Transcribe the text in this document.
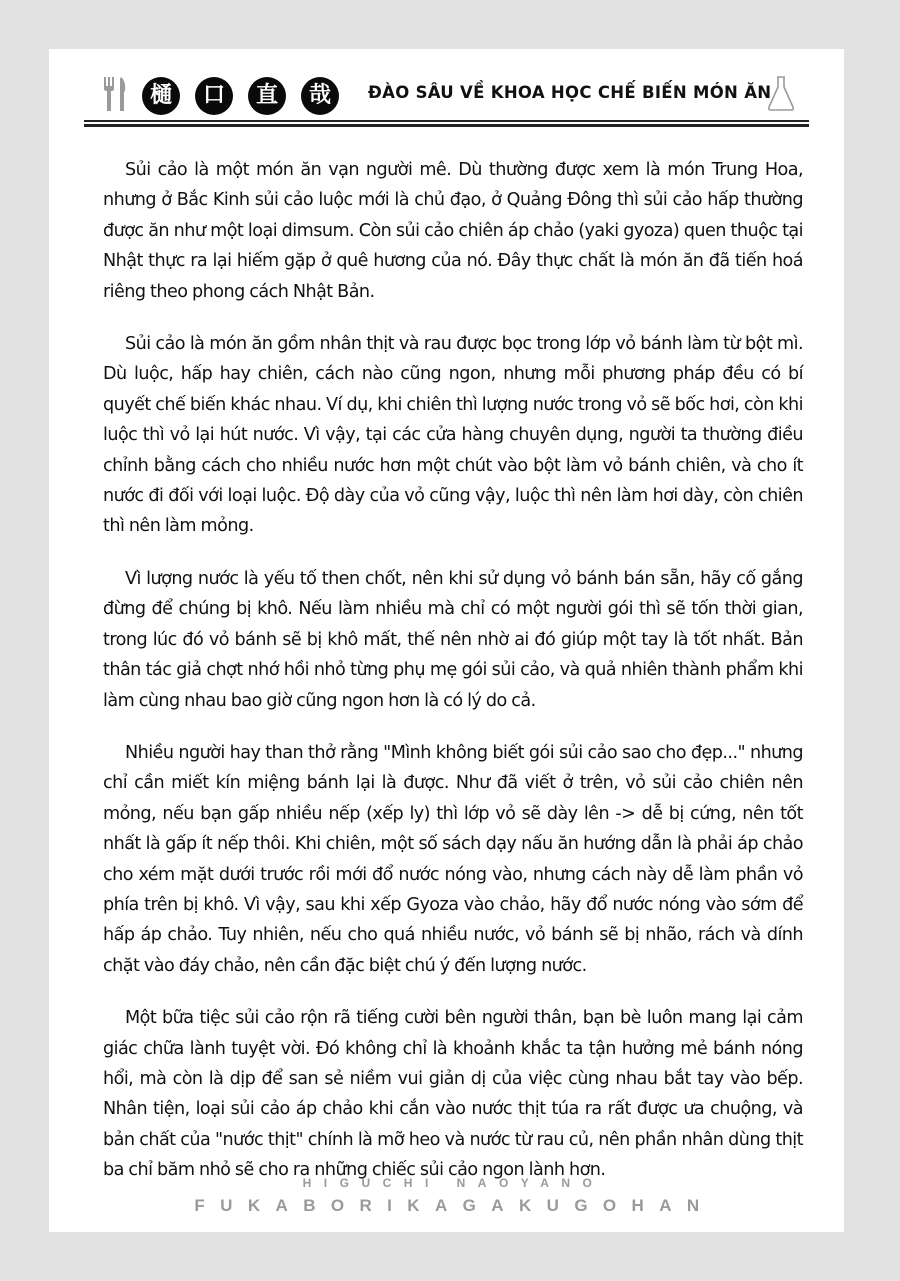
樋	口	直	哉	ĐÀO SÂU VỀ KHOA HỌC CHẾ BIẾN MÓN ĂN

Sủi cảo là một món ăn vạn người mê. Dù thường được xem là món Trung Hoa, nhưng ở Bắc Kinh sủi cảo luộc mới là chủ đạo, ở Quảng Đông thì sủi cảo hấp thường được ăn như một loại dimsum. Còn sủi cảo chiên áp chảo (yaki gyoza) quen thuộc tại Nhật thực ra lại hiếm gặp ở quê hương của nó. Đây thực chất là món ăn đã tiến hoá riêng theo phong cách Nhật Bản.

Sủi cảo là món ăn gồm nhân thịt và rau được bọc trong lớp vỏ bánh làm từ bột mì. Dù luộc, hấp hay chiên, cách nào cũng ngon, nhưng mỗi phương pháp đều có bí quyết chế biến khác nhau. Ví dụ, khi chiên thì lượng nước trong vỏ sẽ bốc hơi, còn khi luộc thì vỏ lại hút nước. Vì vậy, tại các cửa hàng chuyên dụng, người ta thường điều chỉnh bằng cách cho nhiều nước hơn một chút vào bột làm vỏ bánh chiên, và cho ít nước đi đối với loại luộc. Độ dày của vỏ cũng vậy, luộc thì nên làm hơi dày, còn chiên thì nên làm mỏng.

Vì lượng nước là yếu tố then chốt, nên khi sử dụng vỏ bánh bán sẵn, hãy cố gắng đừng để chúng bị khô. Nếu làm nhiều mà chỉ có một người gói thì sẽ tốn thời gian, trong lúc đó vỏ bánh sẽ bị khô mất, thế nên nhờ ai đó giúp một tay là tốt nhất. Bản thân tác giả chợt nhớ hồi nhỏ từng phụ mẹ gói sủi cảo, và quả nhiên thành phẩm khi làm cùng nhau bao giờ cũng ngon hơn là có lý do cả.

Nhiều người hay than thở rằng "Mình không biết gói sủi cảo sao cho đẹp..." nhưng chỉ cần miết kín miệng bánh lại là được. Như đã viết ở trên, vỏ sủi cảo chiên nên mỏng, nếu bạn gấp nhiều nếp (xếp ly) thì lớp vỏ sẽ dày lên -> dễ bị cứng, nên tốt nhất là gấp ít nếp thôi. Khi chiên, một số sách dạy nấu ăn hướng dẫn là phải áp chảo cho xém mặt dưới trước rồi mới đổ nước nóng vào, nhưng cách này dễ làm phần vỏ phía trên bị khô. Vì vậy, sau khi xếp Gyoza vào chảo, hãy đổ nước nóng vào sớm để hấp áp chảo. Tuy nhiên, nếu cho quá nhiều nước, vỏ bánh sẽ bị nhão, rách và dính chặt vào đáy chảo, nên cần đặc biệt chú ý đến lượng nước.

Một bữa tiệc sủi cảo rộn rã tiếng cười bên người thân, bạn bè luôn mang lại cảm giác chữa lành tuyệt vời. Đó không chỉ là khoảnh khắc ta tận hưởng mẻ bánh nóng hổi, mà còn là dịp để san sẻ niềm vui giản dị của việc cùng nhau bắt tay vào bếp. Nhân tiện, loại sủi cảo áp chảo khi cắn vào nước thịt túa ra rất được ưa chuộng, và bản chất của "nước thịt" chính là mỡ heo và nước từ rau củ, nên phần nhân dùng thịt ba chỉ băm nhỏ sẽ cho ra những chiếc sủi cảo ngon lành hơn.

HIGUCHI NAOYANO
FUKABORIKAGAKUGOHAN
